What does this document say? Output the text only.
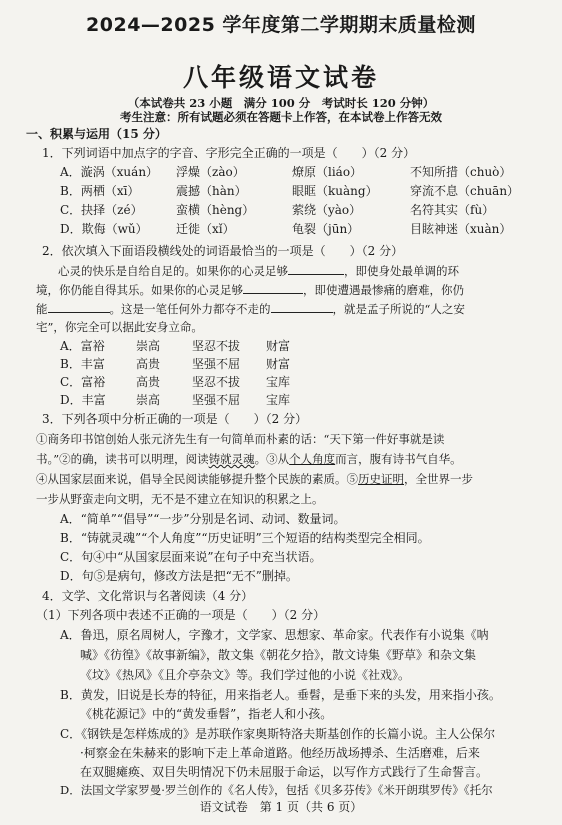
2024—2025 学年度第二学期期末质量检测
八年级语文试卷
（本试卷共 23 小题　满分 100 分　考试时长 120 分钟）
考生注意：所有试题必须在答题卡上作答，在本试卷上作答无效
一、积累与运用（15 分）
1．下列词语中加点字的字音、字形完全正确的一项是（　　）（2 分）
A．漩涡（xuán） 浮燥（zào）	燎原（liáo）	不知所措（chuò）
B．两栖（xī）	震撼（hàn）	眼眶（kuàng）	穿流不息（chuān）
C．抉择（zé）	蛮横（hèng）	萦绕（yào）	名符其实（fù）
D．欺侮（wǔ） 迁徙（xǐ）	龟裂（jūn）	目眩神迷（xuàn）
2．依次填入下面语段横线处的词语最恰当的一项是（　　）（2 分）
心灵的快乐是自给自足的。如果你的心灵足够	，即使身处最单调的环
境，你仍能自得其乐。如果你的心灵足够	，即使遭遇最惨痛的磨难，你仍
能	。这是一笔任何外力都夺不走的	，就是孟子所说的“人之安
宅”，你完全可以据此安身立命。
A．富裕	崇高	坚忍不拔 财富
B．丰富	高贵	坚强不屈 财富
C．富裕	高贵	坚忍不拔 宝库
D．丰富	崇高	坚强不屈 宝库
3．下列各项中分析正确的一项是（　　）（2 分）
①商务印书馆创始人张元济先生有一句简单而朴素的话：“天下第一件好事就是读
书。”②的确，读书可以明理，阅读铸就灵魂。③从个人角度而言，腹有诗书气自华。
④从国家层面来说，倡导全民阅读能够提升整个民族的素质。⑤历史证明，全世界一步
一步从野蛮走向文明，无不是不建立在知识的积累之上。
A．“简单”“倡导”“一步”分别是名词、动词、数量词。
B．“铸就灵魂”“个人角度”“历史证明”三个短语的结构类型完全相同。
C．句④中“从国家层面来说”在句子中充当状语。
D．句⑤是病句，修改方法是把“无不”删掉。
4．文学、文化常识与名著阅读（4 分）
（1）下列各项中表述不正确的一项是（　　）（2 分）
A．鲁迅，原名周树人，字豫才，文学家、思想家、革命家。代表作有小说集《呐
喊》《彷徨》《故事新编》，散文集《朝花夕拾》，散文诗集《野草》和杂文集
《坟》《热风》《且介亭杂文》等。我们学过他的小说《社戏》。
B．黄发，旧说是长寿的特征，用来指老人。垂髫，是垂下来的头发，用来指小孩。
《桃花源记》中的“黄发垂髫”，指老人和小孩。
C．《钢铁是怎样炼成的》是苏联作家奥斯特洛夫斯基创作的长篇小说。主人公保尔
·柯察金在朱赫来的影响下走上革命道路。他经历战场搏杀、生活磨难，后来
在双腿瘫痪、双目失明情况下仍未屈服于命运，以写作方式践行了生命誓言。
D．法国文学家罗曼·罗兰创作的《名人传》，包括《贝多芬传》《米开朗琪罗传》《托尔
语文试卷　第 1 页（共 6 页）
